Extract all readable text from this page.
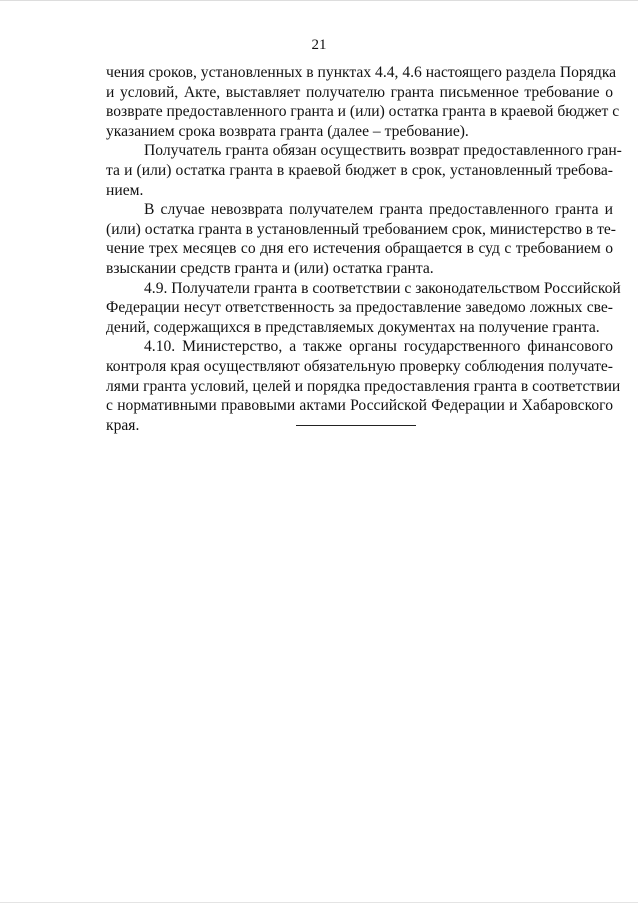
21
чения сроков, установленных в пунктах 4.4, 4.6 настоящего раздела Порядка
и условий, Акте, выставляет получателю гранта письменное требование о
возврате предоставленного гранта и (или) остатка гранта в краевой бюджет с
указанием срока возврата гранта (далее – требование).
Получатель гранта обязан осуществить возврат предоставленного гран-
та и (или) остатка гранта в краевой бюджет в срок, установленный требова-
нием.
В случае невозврата получателем гранта предоставленного гранта и
(или) остатка гранта в установленный требованием срок, министерство в те-
чение трех месяцев со дня его истечения обращается в суд с требованием о
взыскании средств гранта и (или) остатка гранта.
4.9. Получатели гранта в соответствии с законодательством Российской
Федерации несут ответственность за предоставление заведомо ложных све-
дений, содержащихся в представляемых документах на получение гранта.
4.10. Министерство, а также органы государственного финансового
контроля края осуществляют обязательную проверку соблюдения получате-
лями гранта условий, целей и порядка предоставления гранта в соответствии
с нормативными правовыми актами Российской Федерации и Хабаровского
края.
